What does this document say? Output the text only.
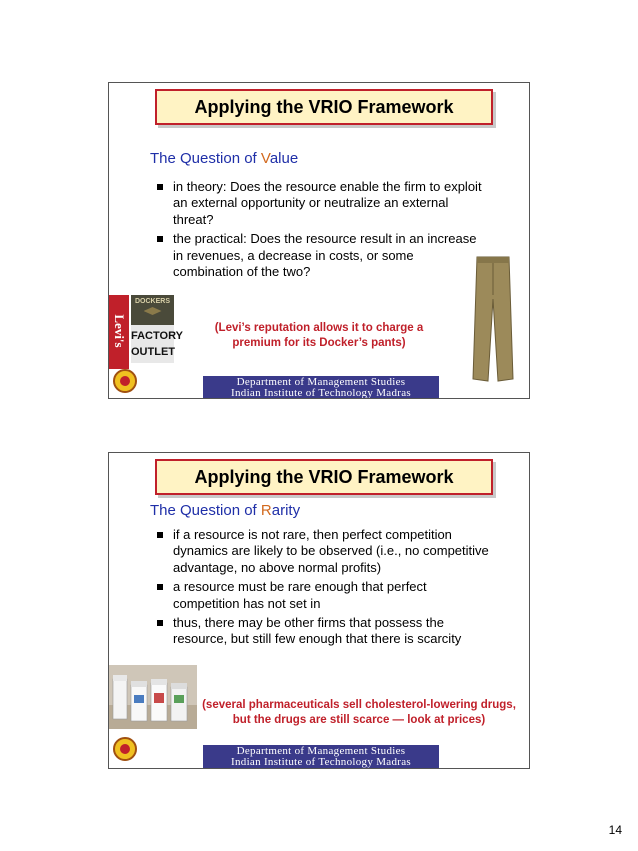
Applying the VRIO Framework
The Question of Value
in theory: Does the resource enable the firm to exploit an external opportunity or neutralize an external threat?
the practical: Does the resource result in an increase in revenues, a decrease in costs, or some combination of the two?
Levi's
DOCKERS
FACTORY
OUTLET
(Levi’s reputation allows it to charge a
premium for its Docker’s pants)
Department of Management Studies
Indian Institute of Technology Madras
Applying the VRIO Framework
The Question of Rarity
if a resource is not rare, then perfect competition dynamics are likely to be observed (i.e., no competitive advantage, no above normal profits)
a resource must be rare enough that perfect competition has not set in
thus, there may be other firms that possess the resource, but still few enough that there is scarcity
(several pharmaceuticals sell cholesterol-lowering drugs,
but the drugs are still scarce — look at prices)
Department of Management Studies
Indian Institute of Technology Madras
14
